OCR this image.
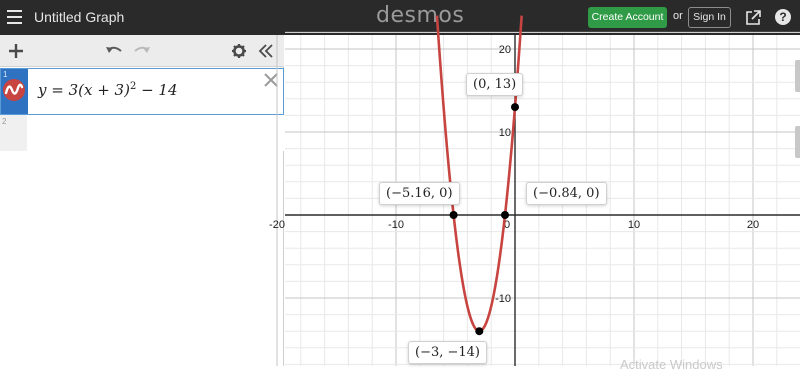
Untitled Graph	desmos	Create Account or Sign In	?
1
$y = 3(x + 3)^2 - 14$
2
-20	-10	0	10	20
20
10
-10
(0, 13)
(−5.16, 0)	(−0.84, 0)
(−3, −14)
Activate Windows
